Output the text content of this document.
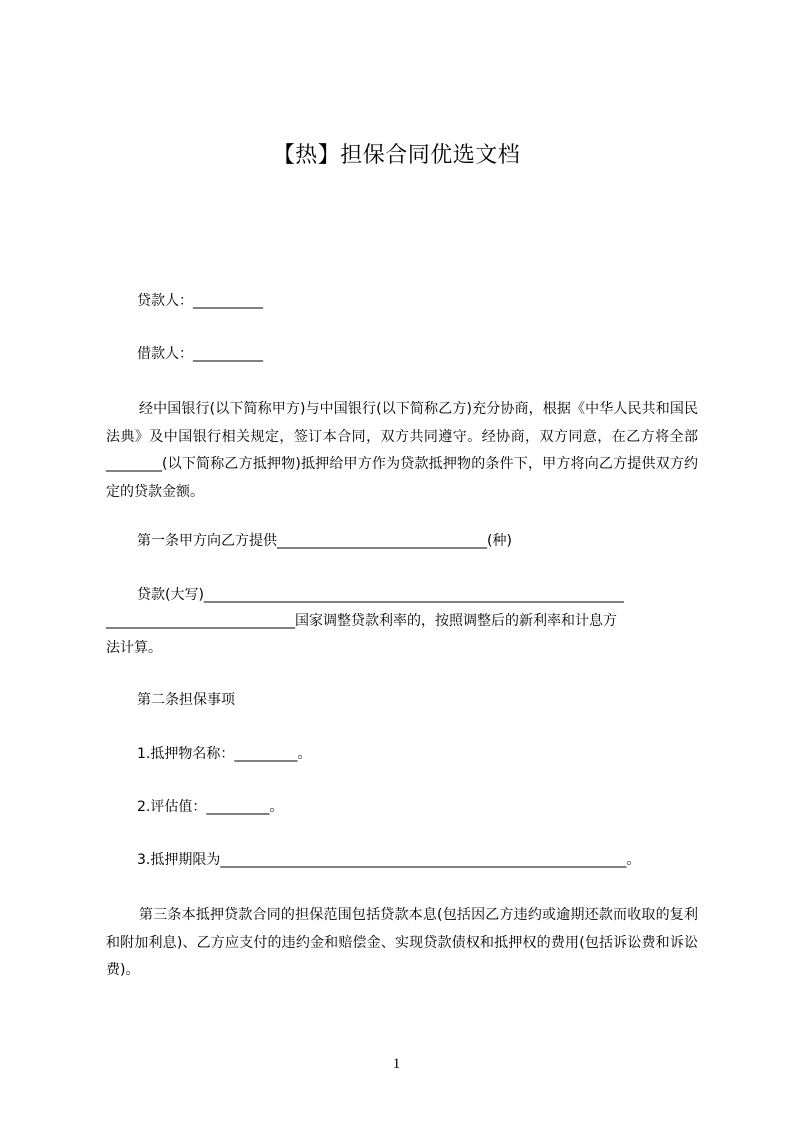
【热】担保合同优选文档
贷款人：__________
借款人：__________
经中国银行(以下简称甲方)与中国银行(以下简称乙方)充分协商，根据《中华人民共和国民法典》及中国银行相关规定，签订本合同，双方共同遵守。经协商，双方同意，在乙方将全部________(以下简称乙方抵押物)抵押给甲方作为贷款抵押物的条件下，甲方将向乙方提供双方约定的贷款金额。
第一条甲方向乙方提供______________________________(种)
贷款(大写)____________________________________________________________
___________________________国家调整贷款利率的，按照调整后的新利率和计息方
法计算。
第二条担保事项
1.抵押物名称：_________。
2.评估值：_________。
3.抵押期限为__________________________________________________________。
第三条本抵押贷款合同的担保范围包括贷款本息(包括因乙方违约或逾期还款而收取的复利和附加利息)、乙方应支付的违约金和赔偿金、实现贷款债权和抵押权的费用(包括诉讼费和诉讼费)。
1
